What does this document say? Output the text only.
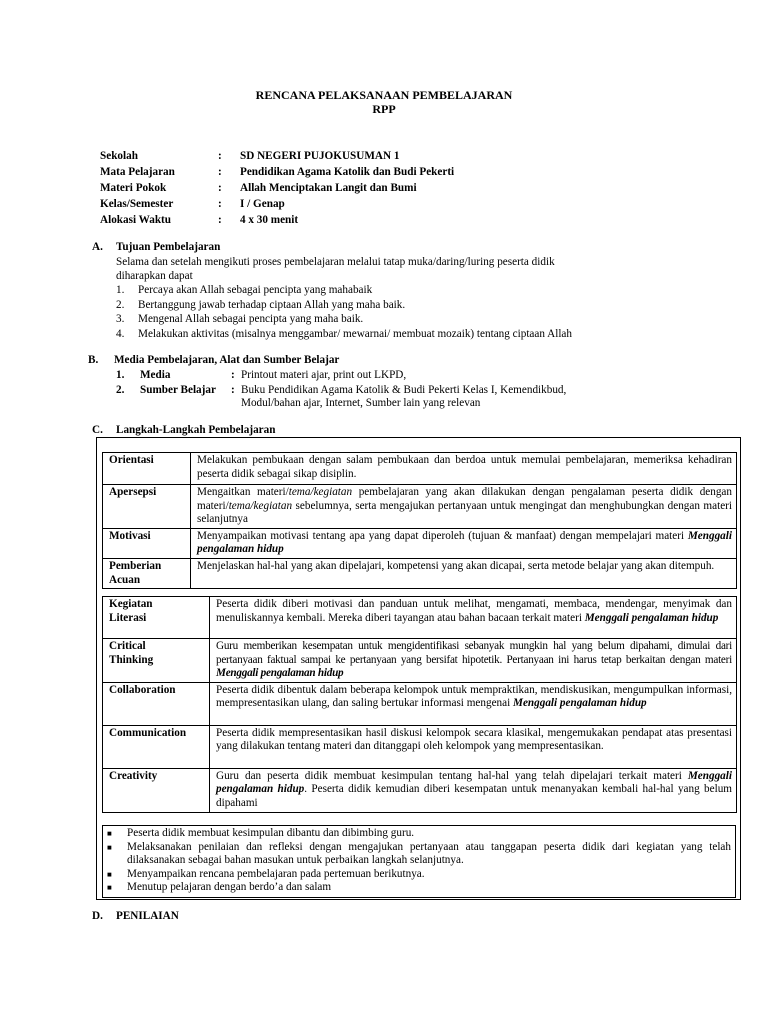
RENCANA PELAKSANAAN PEMBELAJARAN
RPP
Sekolah	:	SD NEGERI PUJOKUSUMAN 1
Mata Pelajaran	:	Pendidikan Agama Katolik dan Budi Pekerti
Materi Pokok	:	Allah Menciptakan Langit dan Bumi
Kelas/Semester	:	I / Genap
Alokasi Waktu	:	4 x 30 menit
A.	Tujuan Pembelajaran
Selama dan setelah mengikuti proses pembelajaran melalui tatap muka/daring/luring peserta didik
diharapkan dapat
1.	Percaya akan Allah sebagai pencipta yang mahabaik
2.	Bertanggung jawab terhadap ciptaan Allah yang maha baik.
3.	Mengenal Allah sebagai pencipta yang maha baik.
4.	Melakukan aktivitas (misalnya menggambar/ mewarnai/ membuat mozaik) tentang ciptaan Allah
B.	Media Pembelajaran, Alat dan Sumber Belajar
1.	Media	: Printout materi ajar, print out LKPD,
2.	Sumber Belajar	: Buku Pendidikan Agama Katolik & Budi Pekerti Kelas I, Kemendikbud,
Modul/bahan ajar, Internet, Sumber lain yang relevan
C.	Langkah-Langkah Pembelajaran
Orientasi	Melakukan pembukaan dengan salam pembukaan dan berdoa untuk memulai pembelajaran, memeriksa kehadiran peserta didik sebagai sikap disiplin.
Apersepsi	Mengaitkan materi/tema/kegiatan pembelajaran yang akan dilakukan dengan pengalaman peserta didik dengan materi/tema/kegiatan sebelumnya, serta mengajukan pertanyaan untuk mengingat dan menghubungkan dengan materi selanjutnya
Motivasi	Menyampaikan motivasi tentang apa yang dapat diperoleh (tujuan & manfaat) dengan mempelajari materi Menggali pengalaman hidup

Pemberian
Acuan	Menjelaskan hal-hal yang akan dipelajari, kompetensi yang akan dicapai, serta metode belajar yang akan ditempuh.
Kegiatan
Literasi	Peserta didik diberi motivasi dan panduan untuk melihat, mengamati, membaca, mendengar, menyimak dan menuliskannya kembali. Mereka diberi tayangan atau bahan bacaan terkait materi Menggali pengalaman hidup

Critical
Thinking	Guru memberikan kesempatan untuk mengidentifikasi sebanyak mungkin hal yang belum dipahami, dimulai dari pertanyaan faktual sampai ke pertanyaan yang bersifat hipotetik. Pertanyaan ini harus tetap berkaitan dengan materi Menggali pengalaman hidup
Collaboration	Peserta didik dibentuk dalam beberapa kelompok untuk mempraktikan, mendiskusikan, mengumpulkan informasi, mempresentasikan ulang, dan saling bertukar informasi mengenai Menggali pengalaman hidup
Communication	Peserta didik mempresentasikan hasil diskusi kelompok secara klasikal, mengemukakan pendapat atas presentasi yang dilakukan tentang materi dan ditanggapi oleh kelompok yang mempresentasikan.
Creativity	Guru dan peserta didik membuat kesimpulan tentang hal-hal yang telah dipelajari terkait materi Menggali pengalaman hidup. Peserta didik kemudian diberi kesempatan untuk menanyakan kembali hal-hal yang belum dipahami
■	Peserta didik membuat kesimpulan dibantu dan dibimbing guru.
■	Melaksanakan penilaian dan refleksi dengan mengajukan pertanyaan atau tanggapan peserta didik dari kegiatan yang telah dilaksanakan sebagai bahan masukan untuk perbaikan langkah selanjutnya.
■	Menyampaikan rencana pembelajaran pada pertemuan berikutnya.
■	Menutup pelajaran dengan berdo’a dan salam
D.	PENILAIAN
